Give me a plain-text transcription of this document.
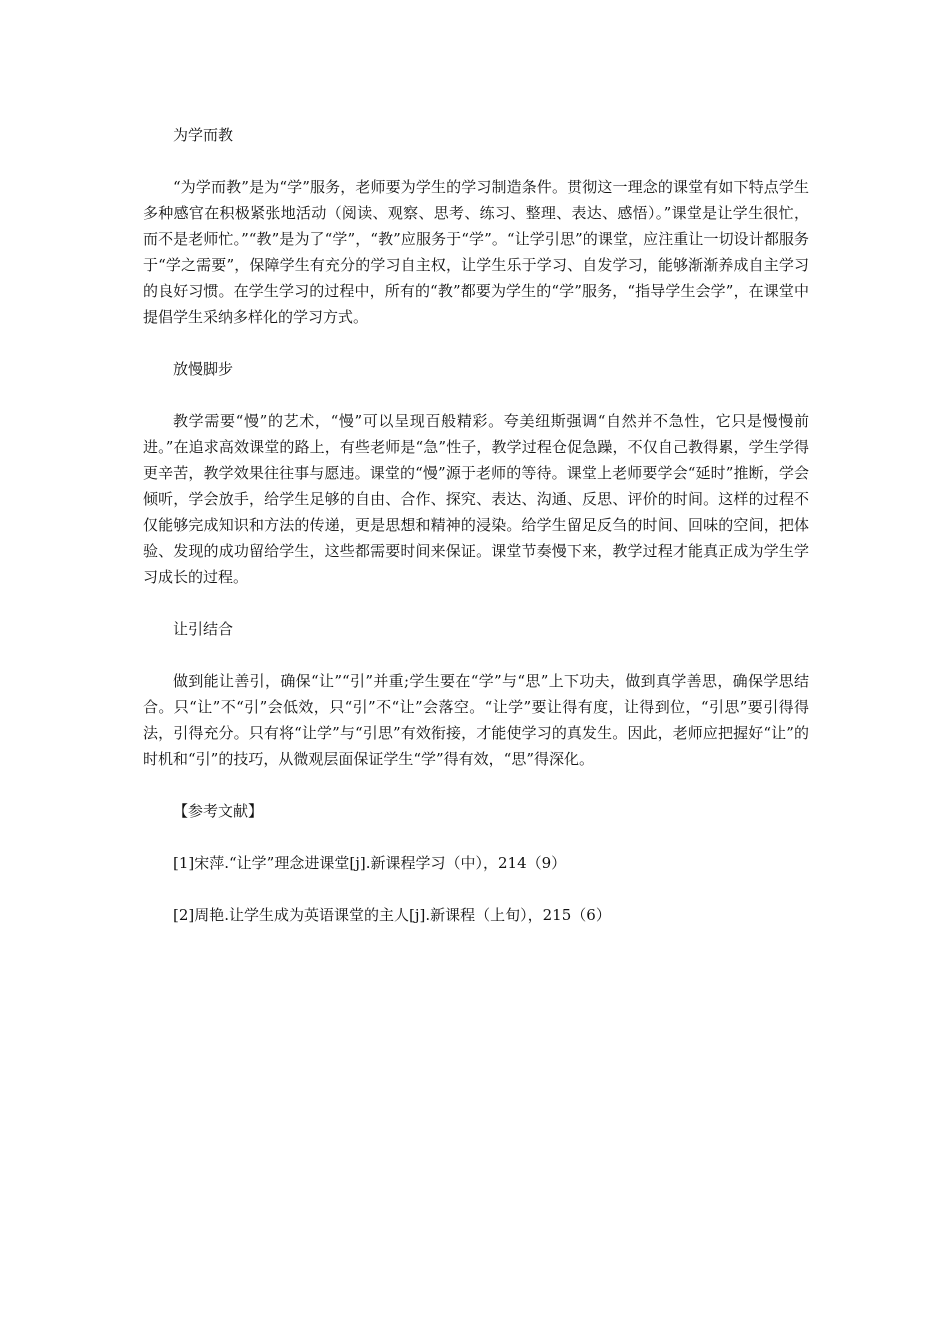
为学而教
“为学而教”是为“学”服务，老师要为学生的学习制造条件。贯彻这一理念的课堂有如下特点学生多种感官在积极紧张地活动（阅读、观察、思考、练习、整理、表达、感悟）。”课堂是让学生很忙，而不是老师忙。”“教”是为了“学”，“教”应服务于“学”。“让学引思”的课堂，应注重让一切设计都服务于“学之需要”，保障学生有充分的学习自主权，让学生乐于学习、自发学习，能够渐渐养成自主学习的良好习惯。在学生学习的过程中，所有的“教”都要为学生的“学”服务，“指导学生会学”，在课堂中提倡学生采纳多样化的学习方式。
放慢脚步
教学需要“慢”的艺术，“慢”可以呈现百般精彩。夸美纽斯强调“自然并不急性，它只是慢慢前进。”在追求高效课堂的路上，有些老师是“急”性子，教学过程仓促急躁，不仅自己教得累，学生学得更辛苦，教学效果往往事与愿违。课堂的“慢”源于老师的等待。课堂上老师要学会“延时”推断，学会倾听，学会放手，给学生足够的自由、合作、探究、表达、沟通、反思、评价的时间。这样的过程不仅能够完成知识和方法的传递，更是思想和精神的浸染。给学生留足反刍的时间、回味的空间，把体验、发现的成功留给学生，这些都需要时间来保证。课堂节奏慢下来，教学过程才能真正成为学生学习成长的过程。
让引结合
做到能让善引，确保“让”“引”并重;学生要在“学”与“思”上下功夫，做到真学善思，确保学思结合。只“让”不“引”会低效，只“引”不“让”会落空。“让学”要让得有度，让得到位，“引思”要引得得法，引得充分。只有将“让学”与“引思”有效衔接，才能使学习的真发生。因此，老师应把握好“让”的时机和“引”的技巧，从微观层面保证学生“学”得有效，“思”得深化。
【参考文献】
[1]宋萍.“让学”理念进课堂[j].新课程学习（中），214（9）
[2]周艳.让学生成为英语课堂的主人[j].新课程（上旬），215（6）
